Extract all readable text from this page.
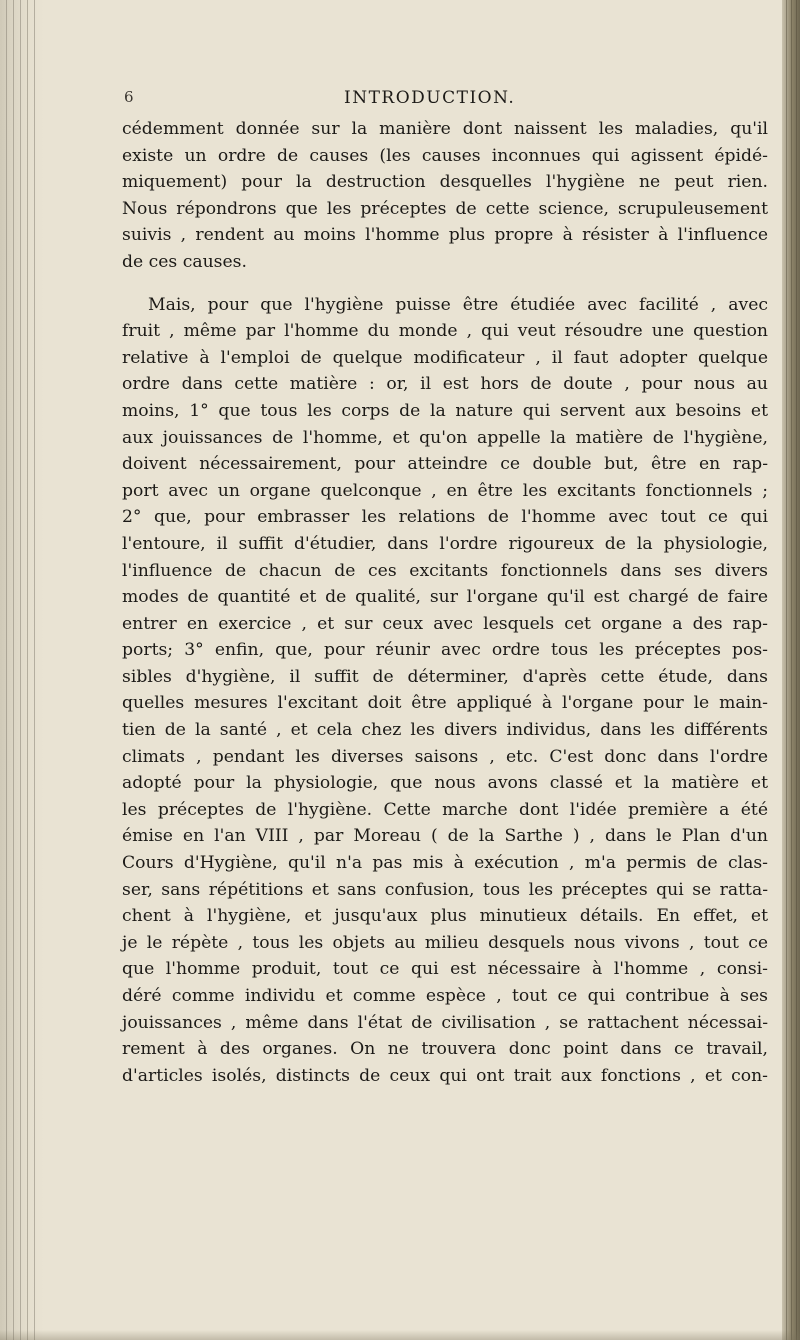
6	INTRODUCTION.
cédemment donnée sur la manière dont naissent les maladies, qu'il
existe un ordre de causes (les causes inconnues qui agissent épidé-
miquement) pour la destruction desquelles l'hygiène ne peut rien.
Nous répondrons que les préceptes de cette science, scrupuleusement
suivis , rendent au moins l'homme plus propre à résister à l'influence
de ces causes.
Mais, pour que l'hygiène puisse être étudiée avec facilité , avec
fruit , même par l'homme du monde , qui veut résoudre une question
relative à l'emploi de quelque modificateur , il faut adopter quelque
ordre dans cette matière : or, il est hors de doute , pour nous au
moins, 1° que tous les corps de la nature qui servent aux besoins et
aux jouissances de l'homme, et qu'on appelle la matière de l'hygiène,
doivent nécessairement, pour atteindre ce double but, être en rap-
port avec un organe quelconque , en être les excitants fonctionnels ;
2° que, pour embrasser les relations de l'homme avec tout ce qui
l'entoure, il suffit d'étudier, dans l'ordre rigoureux de la physiologie,
l'influence de chacun de ces excitants fonctionnels dans ses divers
modes de quantité et de qualité, sur l'organe qu'il est chargé de faire
entrer en exercice , et sur ceux avec lesquels cet organe a des rap-
ports; 3° enfin, que, pour réunir avec ordre tous les préceptes pos-
sibles d'hygiène, il suffit de déterminer, d'après cette étude, dans
quelles mesures l'excitant doit être appliqué à l'organe pour le main-
tien de la santé , et cela chez les divers individus, dans les différents
climats , pendant les diverses saisons , etc. C'est donc dans l'ordre
adopté pour la physiologie, que nous avons classé et la matière et
les préceptes de l'hygiène. Cette marche dont l'idée première a été
émise en l'an VIII , par Moreau ( de la Sarthe ) , dans le Plan d'un
Cours d'Hygiène, qu'il n'a pas mis à exécution , m'a permis de clas-
ser, sans répétitions et sans confusion, tous les préceptes qui se ratta-
chent à l'hygiène, et jusqu'aux plus minutieux détails. En effet, et
je le répète , tous les objets au milieu desquels nous vivons , tout ce
que l'homme produit, tout ce qui est nécessaire à l'homme , consi-
déré comme individu et comme espèce , tout ce qui contribue à ses
jouissances , même dans l'état de civilisation , se rattachent nécessai-
rement à des organes. On ne trouvera donc point dans ce travail,
d'articles isolés, distincts de ceux qui ont trait aux fonctions , et con-
